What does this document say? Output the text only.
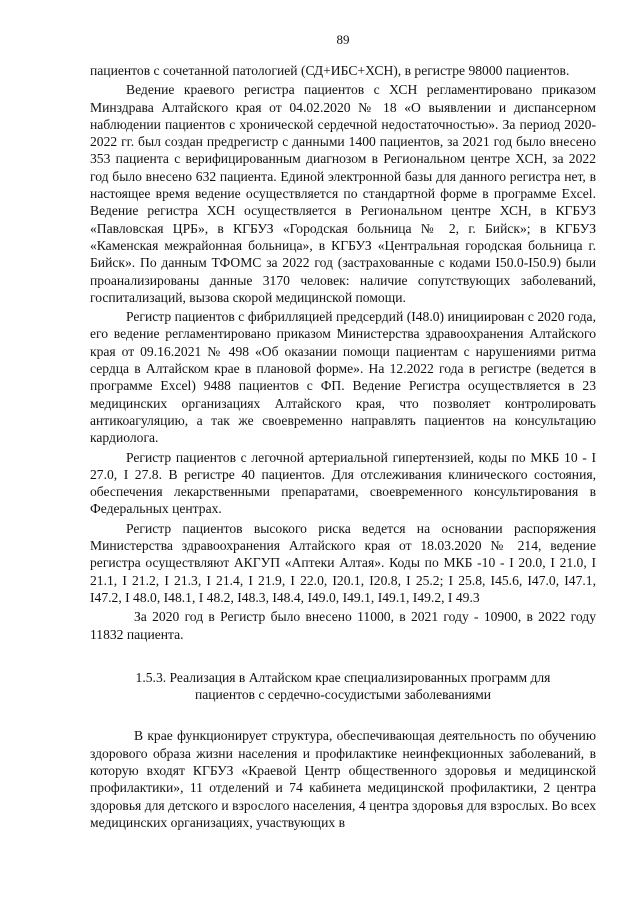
89

пациентов с сочетанной патологией (СД+ИБС+ХСН), в регистре 98000 пациентов.

Ведение краевого регистра пациентов с ХСН регламентировано приказом Минздрава Алтайского края от 04.02.2020 № 18 «О выявлении и диспансерном наблюдении пациентов с хронической сердечной недостаточностью». За период 2020- 2022 гг. был создан предрегистр с данными 1400 пациентов, за 2021 год было внесено 353 пациента с верифицированным диагнозом в Региональном центре ХСН, за 2022 год было внесено 632 пациента. Единой электронной базы для данного регистра нет, в настоящее время ведение осуществляется по стандартной форме в программе Excel. Ведение регистра ХСН осуществляется в Региональном центре ХСН, в КГБУЗ «Павловская ЦРБ», в КГБУЗ «Городская больница № 2, г. Бийск»; в КГБУЗ «Каменская межрайонная больница», в КГБУЗ «Центральная городская больница г. Бийск». По данным ТФОМС за 2022 год (застрахованные с кодами I50.0-I50.9) были проанализированы данные 3170 человек: наличие сопутствующих заболеваний, госпитализаций, вызова скорой медицинской помощи.

Регистр пациентов с фибрилляцией предсердий (I48.0) инициирован с 2020 года, его ведение регламентировано приказом Министерства здравоохранения Алтайского края от 09.16.2021 № 498 «Об оказании помощи пациентам с нарушениями ритма сердца в Алтайском крае в плановой форме». На 12.2022 года в регистре (ведется в программе Excel) 9488 пациентов с ФП. Ведение Регистра осуществляется в 23 медицинских организациях Алтайского края, что позволяет контролировать антикоагуляцию, а так же своевременно направлять пациентов на консультацию кардиолога.

Регистр пациентов с легочной артериальной гипертензией, коды по МКБ 10 - I 27.0, I 27.8. В регистре 40 пациентов. Для отслеживания клинического состояния, обеспечения лекарственными препаратами, своевременного консультирования в Федеральных центрах.

Регистр пациентов высокого риска ведется на основании распоряжения Министерства здравоохранения Алтайского края от 18.03.2020 № 214, ведение регистра осуществляют АКГУП «Аптеки Алтая». Коды по МКБ -10 - I 20.0, I 21.0, I 21.1, I 21.2, I 21.3, I 21.4, I 21.9, I 22.0, I20.1, I20.8, I 25.2; I 25.8, I45.6, I47.0, I47.1, I47.2, I 48.0, I48.1, I 48.2, I48.3, I48.4, I49.0, I49.1, I49.1, I49.2, I 49.3

За 2020 год в Регистр было внесено 11000, в 2021 году - 10900, в 2022 году 11832 пациента.

1.5.3. Реализация в Алтайском крае специализированных программ для
пациентов с сердечно-сосудистыми заболеваниями

В крае функционирует структура, обеспечивающая деятельность по обучению здорового образа жизни населения и профилактике неинфекционных заболеваний, в которую входят КГБУЗ «Краевой Центр общественного здоровья и медицинской профилактики», 11 отделений и 74 кабинета медицинской профилактики, 2 центра здоровья для детского и взрослого населения, 4 центра здоровья для взрослых. Во всех медицинских организациях, участвующих в
